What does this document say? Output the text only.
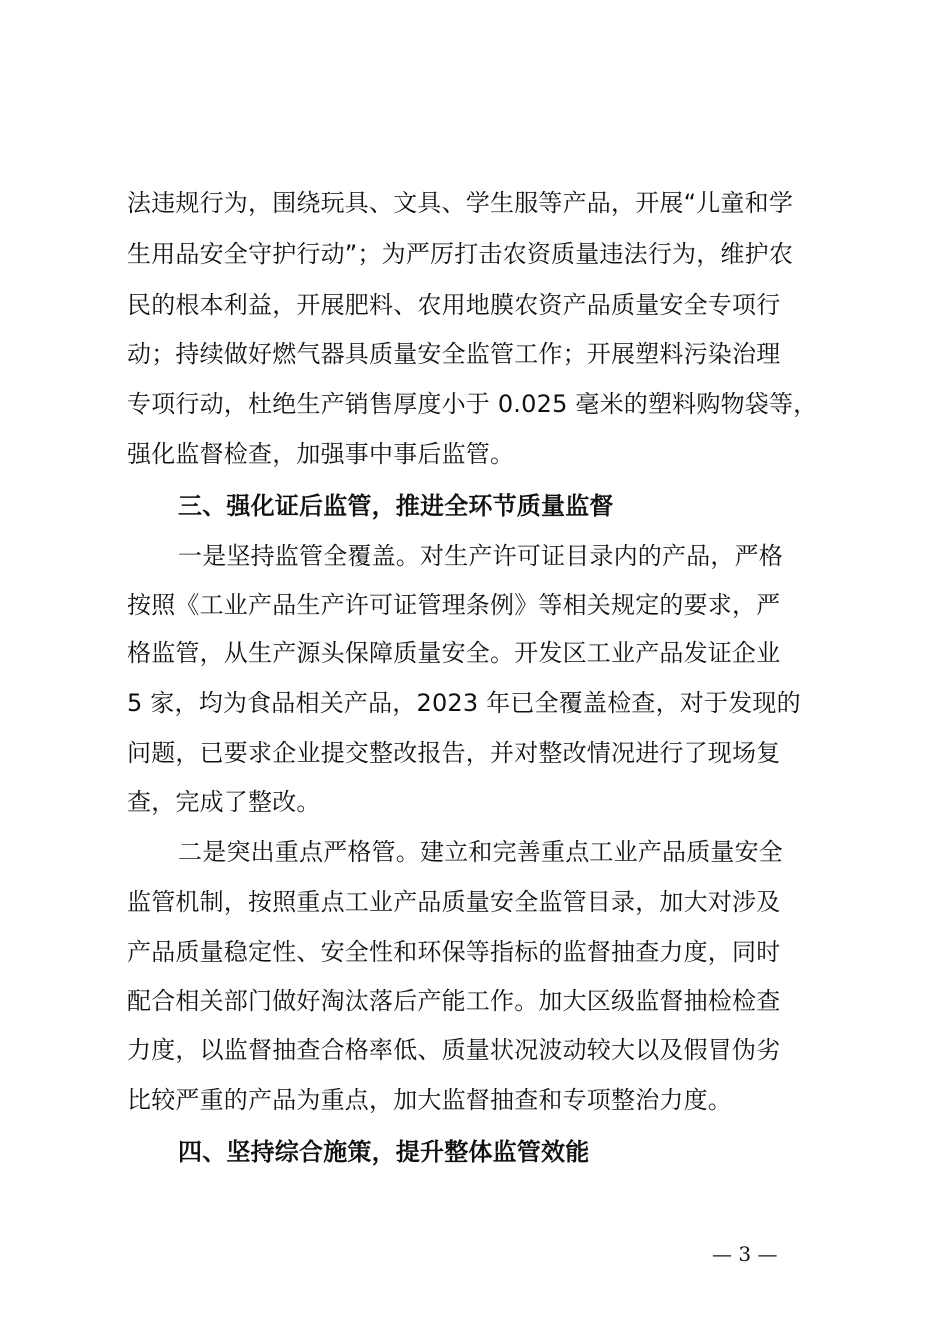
法违规行为，围绕玩具、文具、学生服等产品，开展“儿童和学
生用品安全守护行动”；为严厉打击农资质量违法行为，维护农
民的根本利益，开展肥料、农用地膜农资产品质量安全专项行
动；持续做好燃气器具质量安全监管工作；开展塑料污染治理
专项行动，杜绝生产销售厚度小于 0.025 毫米的塑料购物袋等，
强化监督检查，加强事中事后监管。
三、强化证后监管，推进全环节质量监督
一是坚持监管全覆盖。对生产许可证目录内的产品，严格
按照《工业产品生产许可证管理条例》等相关规定的要求，严
格监管，从生产源头保障质量安全。开发区工业产品发证企业
5 家，均为食品相关产品，2023 年已全覆盖检查，对于发现的
问题，已要求企业提交整改报告，并对整改情况进行了现场复
查，完成了整改。
二是突出重点严格管。建立和完善重点工业产品质量安全
监管机制，按照重点工业产品质量安全监管目录，加大对涉及
产品质量稳定性、安全性和环保等指标的监督抽查力度，同时
配合相关部门做好淘汰落后产能工作。加大区级监督抽检检查
力度，以监督抽查合格率低、质量状况波动较大以及假冒伪劣
比较严重的产品为重点，加大监督抽查和专项整治力度。
四、坚持综合施策，提升整体监管效能
— 3 —
